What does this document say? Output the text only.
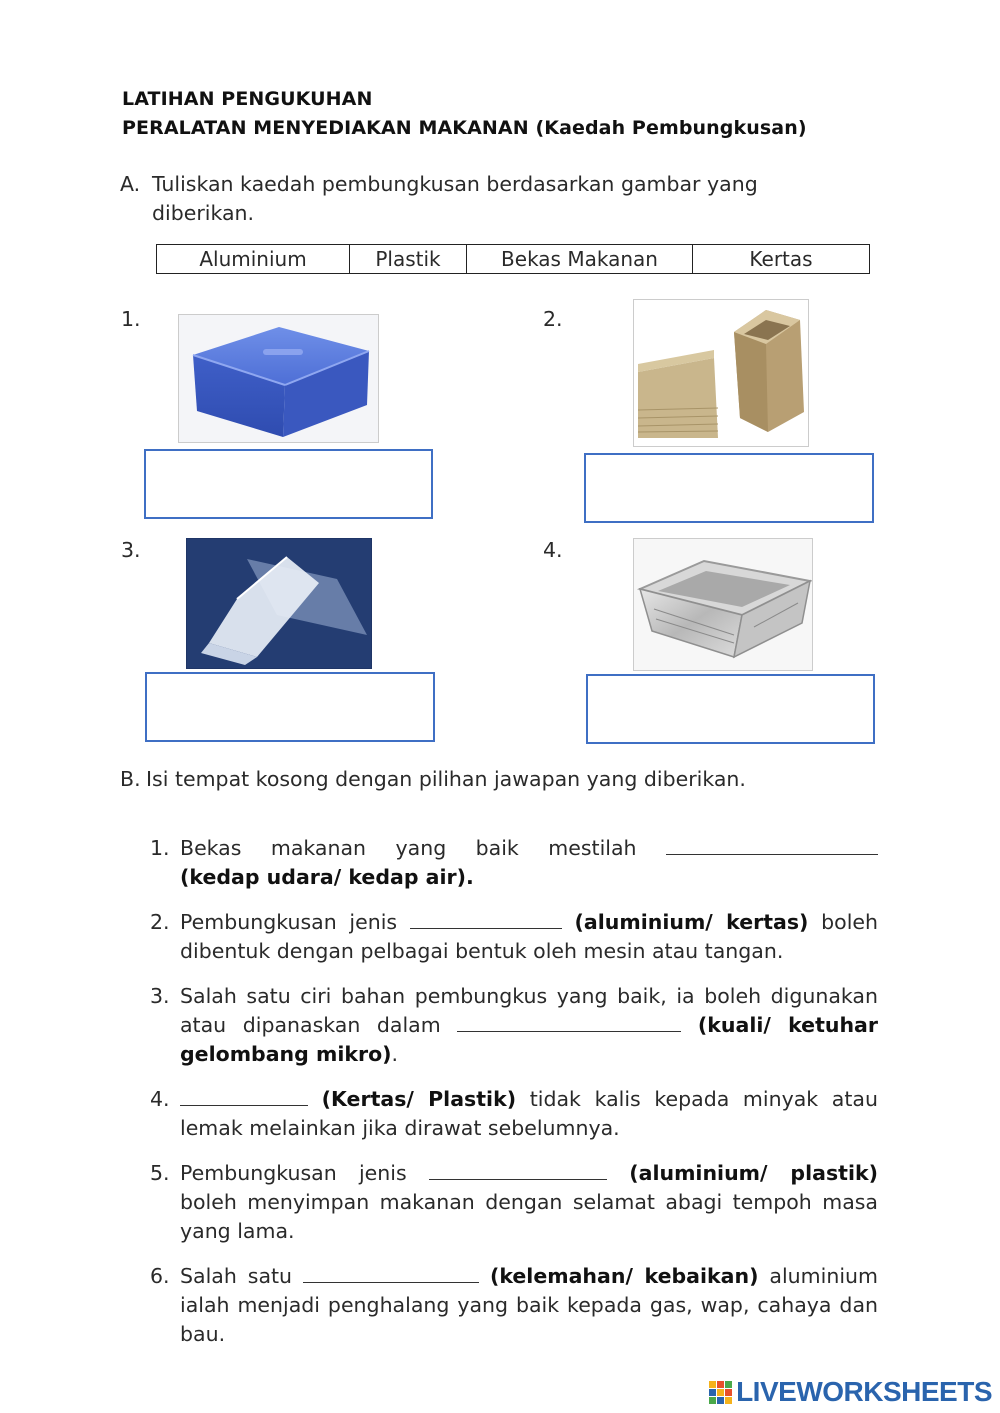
LATIHAN PENGUKUHAN
PERALATAN MENYEDIAKAN MAKANAN (Kaedah Pembungkusan)
A. Tuliskan kaedah pembungkusan berdasarkan gambar yang
diberikan.
Aluminium	Plastik	Bekas Makanan	Kertas
1.	2.
3.	4.
B. Isi tempat kosong dengan pilihan jawapan yang diberikan.
1. Bekas makanan yang baik mestilah
(kedap udara/ kedap air).
2. Pembungkusan jenis	(aluminium/ kertas) boleh dibentuk dengan pelbagai bentuk oleh mesin atau tangan.
3. Salah satu ciri bahan pembungkus yang baik, ia boleh digunakan atau dipanaskan dalam	(kuali/ ketuhar gelombang mikro).
4.	(Kertas/ Plastik) tidak kalis kepada minyak atau lemak melainkan jika dirawat sebelumnya.
5. Pembungkusan jenis	(aluminium/ plastik) boleh menyimpan makanan dengan selamat abagi tempoh masa yang lama.
6. Salah satu	(kelemahan/ kebaikan) aluminium ialah menjadi penghalang yang baik kepada gas, wap, cahaya dan bau.
LIVEWORKSHEETS
